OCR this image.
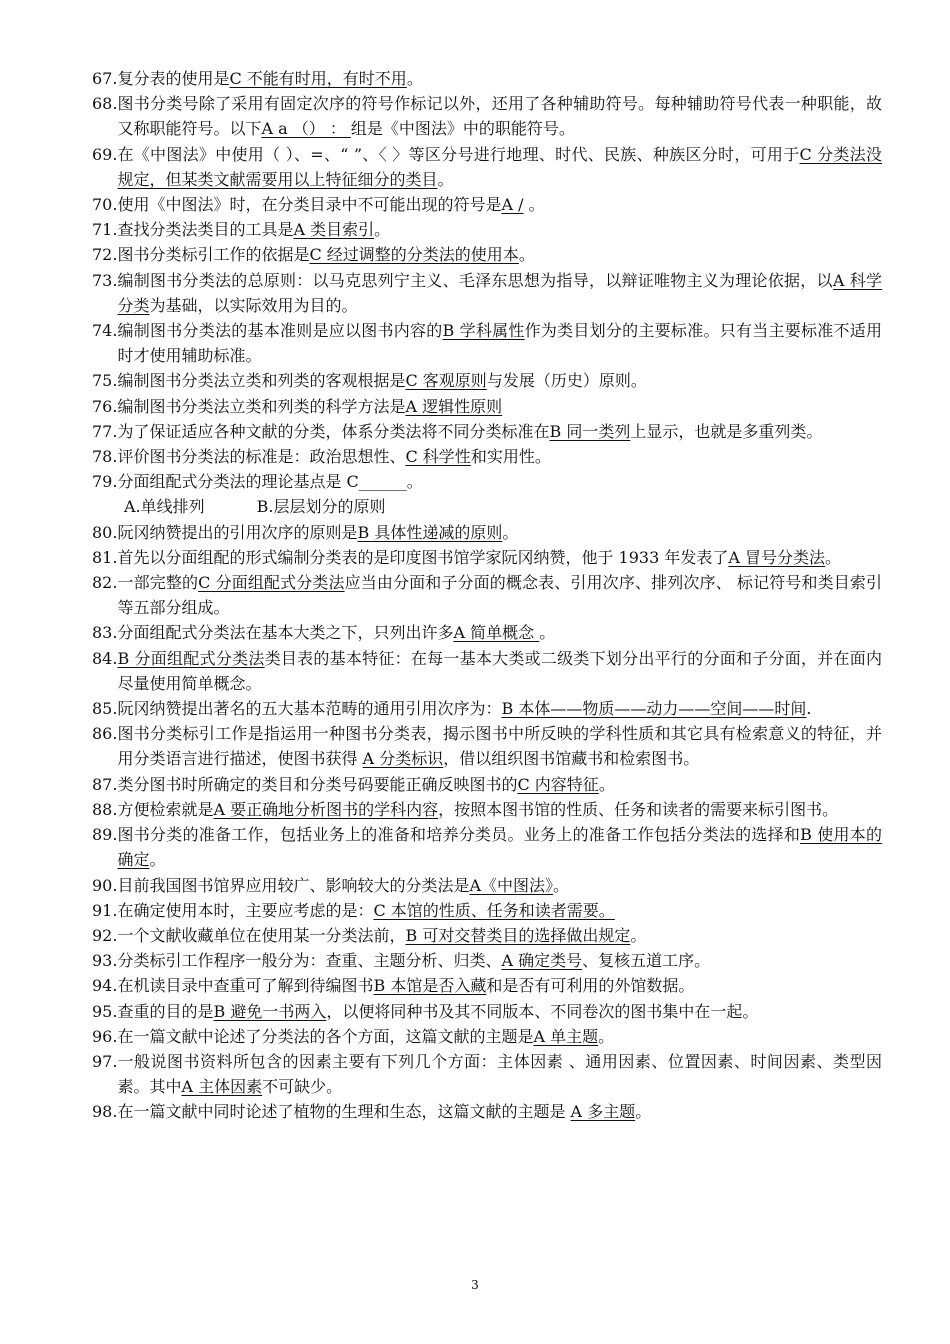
67. 复分表的使用是C 不能有时用，有时不用。
68. 图书分类号除了采用有固定次序的符号作标记以外，还用了各种辅助符号。每种辅助符号代表一种职能，故又称职能符号。以下A a （） ： 组是《中图法》中的职能符号。
69. 在《中图法》中使用（ ）、=、“ ”、〈 〉等区分号进行地理、时代、民族、种族区分时，可用于C 分类法没规定，但某类文献需要用以上特征细分的类目。
70. 使用《中图法》时，在分类目录中不可能出现的符号是A / 。
71. 查找分类法类目的工具是A 类目索引。
72. 图书分类标引工作的依据是C 经过调整的分类法的使用本。
73. 编制图书分类法的总原则：以马克思列宁主义、毛泽东思想为指导，以辩证唯物主义为理论依据，以A 科学分类为基础，以实际效用为目的。
74. 编制图书分类法的基本准则是应以图书内容的B 学科属性作为类目划分的主要标准。只有当主要标准不适用时才使用辅助标准。
75. 编制图书分类法立类和列类的客观根据是C 客观原则与发展（历史）原则。
76. 编制图书分类法立类和列类的科学方法是A 逻辑性原则
77. 为了保证适应各种文献的分类，体系分类法将不同分类标准在B 同一类列上显示，也就是多重列类。
78. 评价图书分类法的标准是：政治思想性、C 科学性和实用性。
79. 分面组配式分类法的理论基点是 C______。
A.单线排列	B.层层划分的原则
80. 阮冈纳赞提出的引用次序的原则是B 具体性递减的原则。
81. 首先以分面组配的形式编制分类表的是印度图书馆学家阮冈纳赞，他于 1933 年发表了A 冒号分类法。
82. 一部完整的C 分面组配式分类法应当由分面和子分面的概念表、引用次序、排列次序、 标记符号和类目索引等五部分组成。
83. 分面组配式分类法在基本大类之下，只列出许多A 简单概念 。
84. B 分面组配式分类法类目表的基本特征：在每一基本大类或二级类下划分出平行的分面和子分面，并在面内尽量使用简单概念。
85. 阮冈纳赞提出著名的五大基本范畴的通用引用次序为：B 本体——物质——动力——空间——时间.
86. 图书分类标引工作是指运用一种图书分类表，揭示图书中所反映的学科性质和其它具有检索意义的特征，并用分类语言进行描述，使图书获得 A 分类标识，借以组织图书馆藏书和检索图书。
87. 类分图书时所确定的类目和分类号码要能正确反映图书的C 内容特征。
88. 方便检索就是A 要正确地分析图书的学科内容，按照本图书馆的性质、任务和读者的需要来标引图书。
89. 图书分类的准备工作，包括业务上的准备和培养分类员。业务上的准备工作包括分类法的选择和B 使用本的确定。
90. 目前我国图书馆界应用较广、影响较大的分类法是A《中图法》。
91. 在确定使用本时，主要应考虑的是：C 本馆的性质、任务和读者需要。
92. 一个文献收藏单位在使用某一分类法前，B 可对交替类目的选择做出规定。
93. 分类标引工作程序一般分为：查重、主题分析、归类、A 确定类号、复核五道工序。
94. 在机读目录中查重可了解到待编图书B 本馆是否入藏和是否有可利用的外馆数据。
95. 查重的目的是B 避免一书两入，以便将同种书及其不同版本、不同卷次的图书集中在一起。
96. 在一篇文献中论述了分类法的各个方面，这篇文献的主题是A 单主题。
97. 一般说图书资料所包含的因素主要有下列几个方面：主体因素 、通用因素、位置因素、时间因素、类型因素。其中A 主体因素不可缺少。
98. 在一篇文献中同时论述了植物的生理和生态，这篇文献的主题是 A 多主题。
3
